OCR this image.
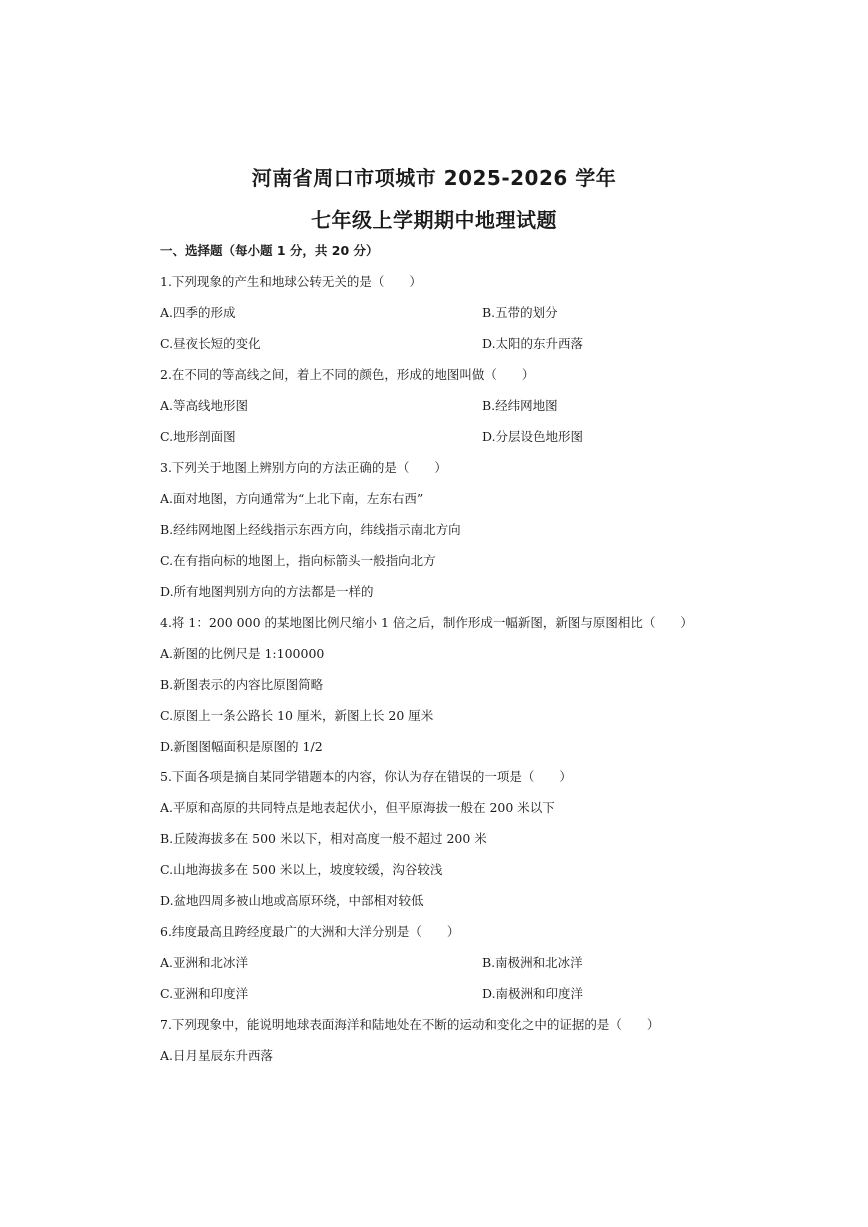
河南省周口市项城市 2025-2026 学年
七年级上学期期中地理试题
一、选择题（每小题 1 分，共 20 分）
1.下列现象的产生和地球公转无关的是（　　）
A.四季的形成	B.五带的划分
C.昼夜长短的变化	D.太阳的东升西落
2.在不同的等高线之间，着上不同的颜色，形成的地图叫做（　　）
A.等高线地形图	B.经纬网地图
C.地形剖面图	D.分层设色地形图
3.下列关于地图上辨别方向的方法正确的是（　　）
A.面对地图，方向通常为“上北下南，左东右西”
B.经纬网地图上经线指示东西方向，纬线指示南北方向
C.在有指向标的地图上，指向标箭头一般指向北方
D.所有地图判别方向的方法都是一样的
4.将 1：200 000 的某地图比例尺缩小 1 倍之后，制作形成一幅新图，新图与原图相比（　　）
A.新图的比例尺是 1:100000
B.新图表示的内容比原图简略
C.原图上一条公路长 10 厘米，新图上长 20 厘米
D.新图图幅面积是原图的 1/2
5.下面各项是摘自某同学错题本的内容，你认为存在错误的一项是（　　）
A.平原和高原的共同特点是地表起伏小，但平原海拔一般在 200 米以下
B.丘陵海拔多在 500 米以下，相对高度一般不超过 200 米
C.山地海拔多在 500 米以上，坡度较缓，沟谷较浅
D.盆地四周多被山地或高原环绕，中部相对较低
6.纬度最高且跨经度最广的大洲和大洋分别是（　　）
A.亚洲和北冰洋	B.南极洲和北冰洋
C.亚洲和印度洋	D.南极洲和印度洋
7.下列现象中，能说明地球表面海洋和陆地处在不断的运动和变化之中的证据的是（　　）
A.日月星辰东升西落
